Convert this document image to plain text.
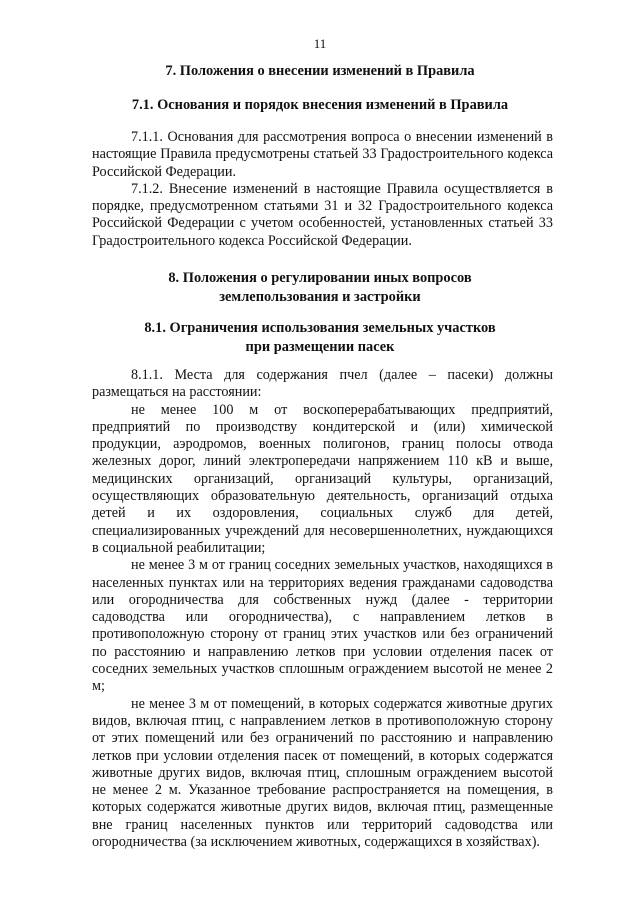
11
7. Положения о внесении изменений в Правила
7.1. Основания и порядок внесения изменений в Правила

7.1.1. Основания для рассмотрения вопроса о внесении изменений в настоящие Правила предусмотрены статьей 33 Градостроительного кодекса Российской Федерации.

7.1.2. Внесение изменений в настоящие Правила осуществляется в порядке, предусмотренном статьями 31 и 32 Градостроительного кодекса Российской Федерации с учетом особенностей, установленных статьей 33 Градостроительного кодекса Российской Федерации.

8. Положения о регулировании иных вопросов
землепользования и застройки
8.1. Ограничения использования земельных участков
при размещении пасек

8.1.1. Места для содержания пчел (далее – пасеки) должны размещаться на расстоянии:

не менее 100 м от воскоперерабатывающих предприятий, предприятий по производству кондитерской и (или) химической продукции, аэродромов, военных полигонов, границ полосы отвода железных дорог, линий электропередачи напряжением 110 кВ и выше, медицинских организаций, организаций культуры, организаций, осуществляющих образовательную деятельность, организаций отдыха детей и их оздоровления, социальных служб для детей, специализированных учреждений для несовершеннолетних, нуждающихся в социальной реабилитации;

не менее 3 м от границ соседних земельных участков, находящихся в населенных пунктах или на территориях ведения гражданами садоводства или огородничества для собственных нужд (далее - территории садоводства или огородничества), с направлением летков в противоположную сторону от границ этих участков или без ограничений по расстоянию и направлению летков при условии отделения пасек от соседних земельных участков сплошным ограждением высотой не менее 2 м;

не менее 3 м от помещений, в которых содержатся животные других видов, включая птиц, с направлением летков в противоположную сторону от этих помещений или без ограничений по расстоянию и направлению летков при условии отделения пасек от помещений, в которых содержатся животные других видов, включая птиц, сплошным ограждением высотой не менее 2 м. Указанное требование распространяется на помещения, в которых содержатся животные других видов, включая птиц, размещенные вне границ населенных пунктов или территорий садоводства или огородничества (за исключением животных, содержащихся в хозяйствах).
